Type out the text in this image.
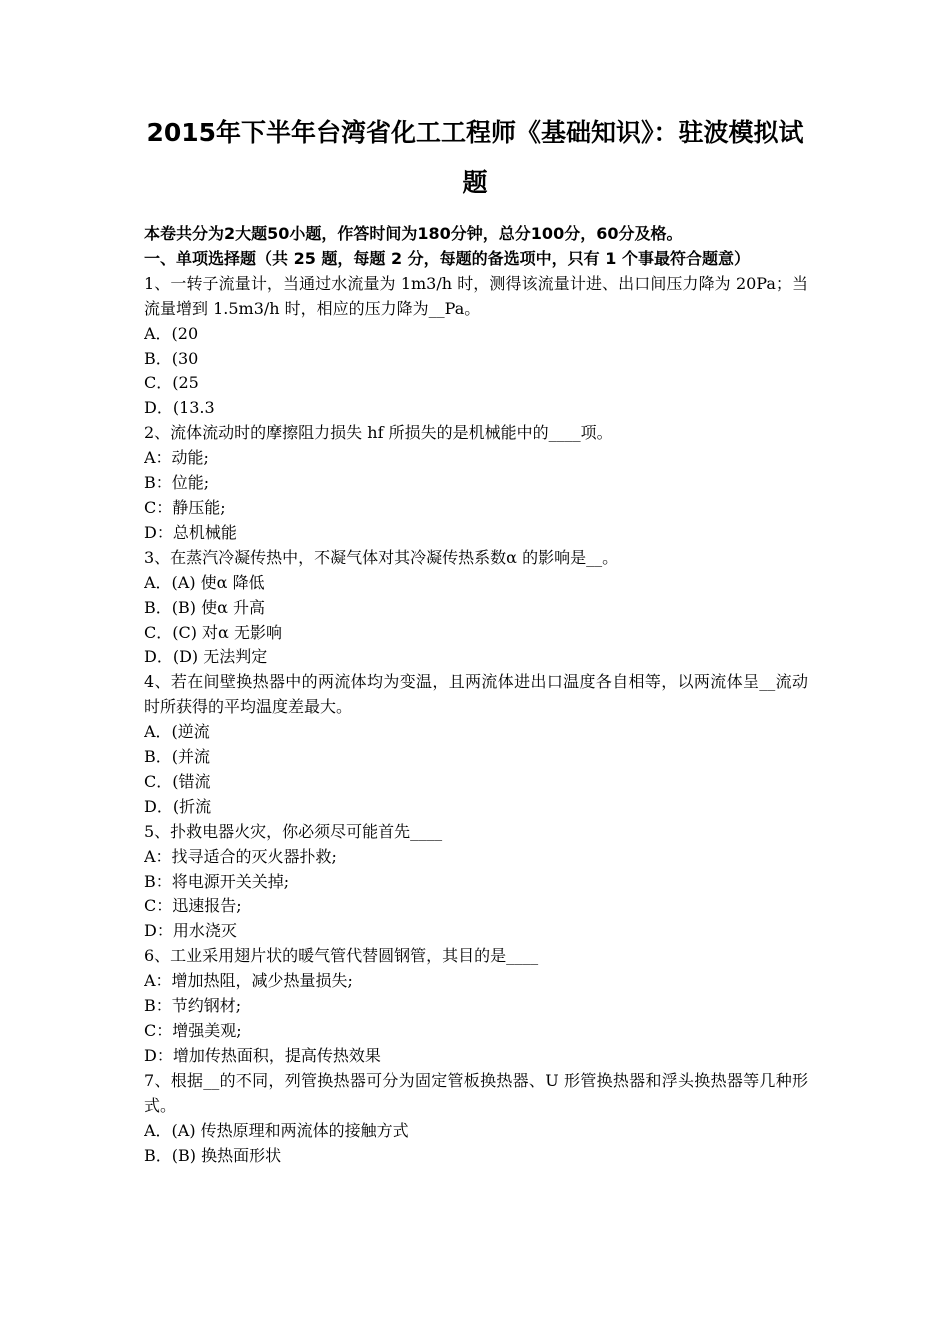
2015年下半年台湾省化工工程师《基础知识》：驻波模拟试
题
本卷共分为2大题50小题，作答时间为180分钟，总分100分，60分及格。
一、单项选择题（共 25 题，每题 2 分，每题的备选项中，只有 1 个事最符合题意）
1、一转子流量计，当通过水流量为 1m3/h 时，测得该流量计进、出口间压力降为 20Pa；当流量增到 1.5m3/h 时，相应的压力降为__Pa。
A．(20
B．(30
C．(25
D．(13.3
2、流体流动时的摩擦阻力损失 hf 所损失的是机械能中的____项。
A：动能;
B：位能;
C：静压能;
D：总机械能
3、在蒸汽冷凝传热中，不凝气体对其冷凝传热系数α 的影响是__。
A．(A) 使α 降低
B．(B) 使α 升高
C．(C) 对α 无影响
D．(D) 无法判定
4、若在间壁换热器中的两流体均为变温，且两流体进出口温度各自相等，以两流体呈__流动时所获得的平均温度差最大。
A．(逆流
B．(并流
C．(错流
D．(折流
5、扑救电器火灾，你必须尽可能首先____
A：找寻适合的灭火器扑救;
B：将电源开关关掉;
C：迅速报告;
D：用水浇灭
6、工业采用翅片状的暖气管代替圆钢管，其目的是____
A：增加热阻，减少热量损失;
B：节约钢材;
C：增强美观;
D：增加传热面积，提高传热效果
7、根据__的不同，列管换热器可分为固定管板换热器、U 形管换热器和浮头换热器等几种形式。
A．(A) 传热原理和两流体的接触方式
B．(B) 换热面形状
